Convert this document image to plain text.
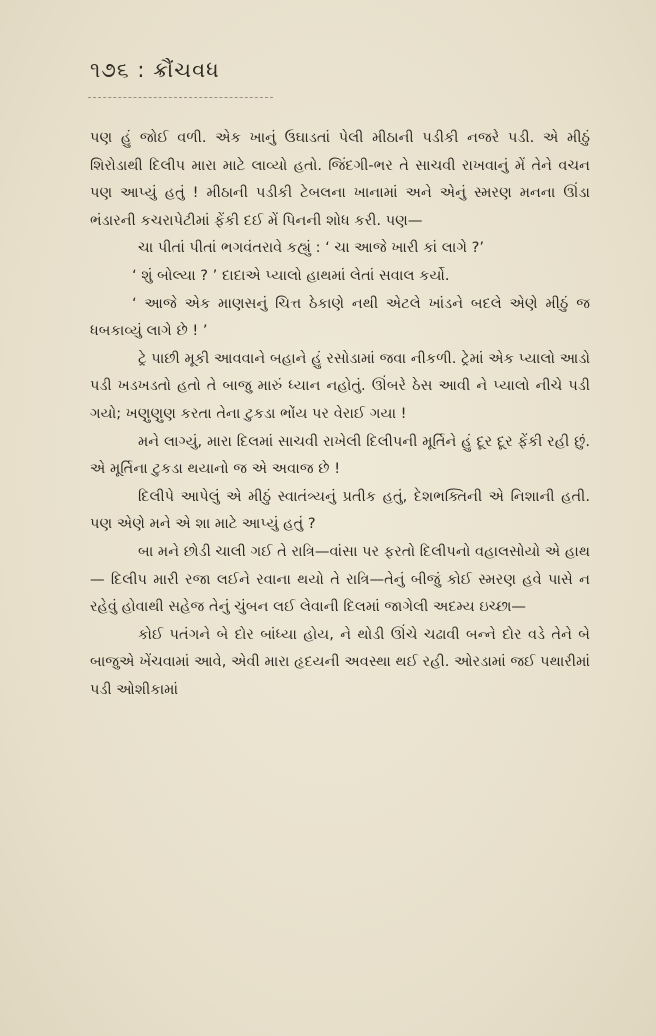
૧૭૬ : ક્રૌંચવધ

પણ હું જોઈ વળી. એક ખાનું ઉઘાડતાં પેલી મીઠાની પડીકી નજરે પડી. એ મીઠું શિરોડાથી દિલીપ મારા માટે લાવ્યો હતો. જિંદગી-ભર તે સાચવી રાખવાનું મેં તેને વચન પણ આપ્યું હતું ! મીઠાની પડીકી ટેબલના ખાનામાં અને એનું સ્મરણ મનના ઊંડા ભંડારની કચરાપેટીમાં ફેંકી દઈ મેં પિનની શોધ કરી. પણ—

ચા પીતાં પીતાં ભગવંતરાવે કહ્યું : ‘ ચા આજે ખારી કાં લાગે ?’

‘ શું બોલ્યા ? ’ દાદાએ પ્યાલો હાથમાં લેતાં સવાલ કર્યો.

‘ આજે એક માણસનું ચિત્ત ઠેકાણે નથી એટલે ખાંડને બદલે એણે મીઠું જ ધબકાવ્યું લાગે છે ! ’

ટ્રે પાછી મૂકી આવવાને બહાને હું રસોડામાં જવા નીકળી. ટ્રેમાં એક પ્યાલો આડો પડી ખડખડતો હતો તે બાજુ મારું ધ્યાન નહોતું. ઊંબરે ઠેસ આવી ને પ્યાલો નીચે પડી ગયો; ખણુણુણ કરતા તેના ટુકડા ભોંય પર વેરાઈ ગયા !

મને લાગ્યું, મારા દિલમાં સાચવી રાખેલી દિલીપની મૂર્તિને હું દૂર દૂર ફેંકી રહી છું. એ મૂર્તિના ટુકડા થયાનો જ એ અવાજ છે !

દિલીપે આપેલું એ મીઠું સ્વાતંત્ર્યનું પ્રતીક હતું, દેશભક્તિની એ નિશાની હતી. પણ એણે મને એ શા માટે આપ્યું હતું ?

બા મને છોડી ચાલી ગઈ તે રાત્રિ—વાંસા પર ફરતો દિલીપનો વહાલસોયો એ હાથ— દિલીપ મારી રજા લઈને રવાના થયો તે રાત્રિ—તેનું બીજું કોઈ સ્મરણ હવે પાસે ન રહેવું હોવાથી સહેજ તેનું ચુંબન લઈ લેવાની દિલમાં જાગેલી અદમ્ય ઇચ્છા—

કોઈ પતંગને બે દોર બાંધ્યા હોય, ને થોડી ઊંચે ચઢાવી બન્ને દોર વડે તેને બે બાજુએ ખેંચવામાં આવે, એવી મારા હૃદયની અવસ્થા થઈ રહી. ઓરડામાં જઈ પથારીમાં પડી ઓશીકામાં
